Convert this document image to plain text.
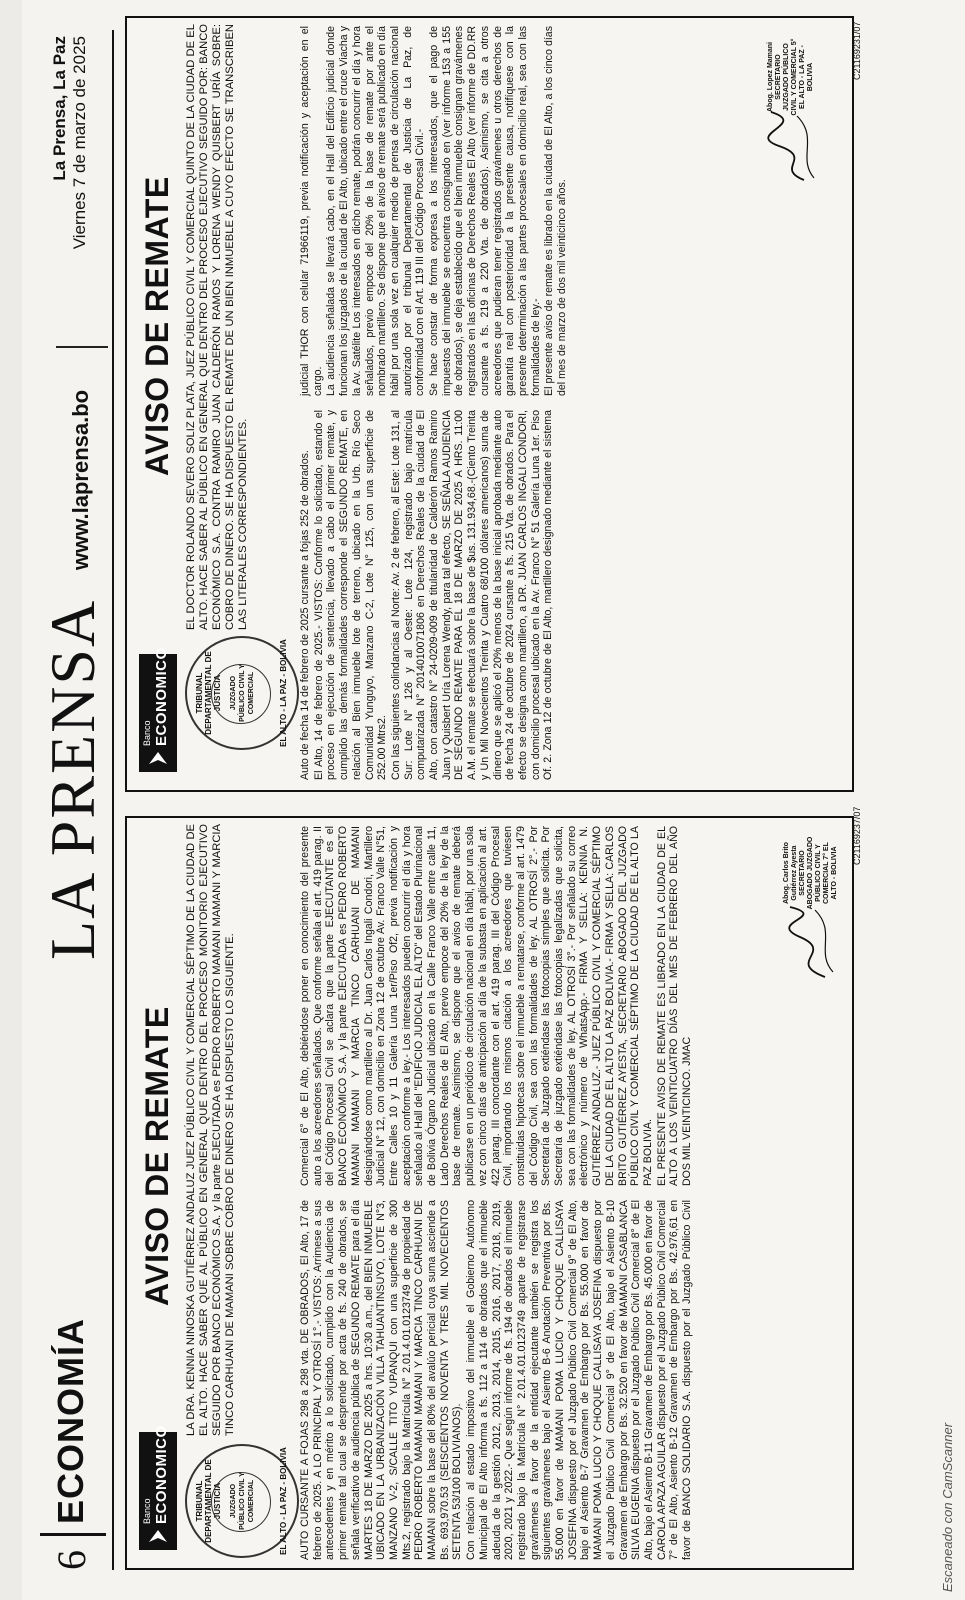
6
ECONOMÍA
LA PRENSA
www.laprensa.bo
La Prensa, La Paz Viernes 7 de marzo de 2025
Banco ECONOMICO
AVISO DE REMATE
TRIBUNAL DEPARTAMENTAL DE JUSTICIA JUZGADO PÚBLICO CIVIL Y COMERCIAL	EL ALTO - LA PAZ - BOLIVIA
LA DRA. KENNIA NINOSKA GUTIÉRREZ ANDALUZ JUEZ PÚBLICO CIVIL Y COMERCIAL SÉPTIMO DE LA CIUDAD DE EL ALTO. HACE SABER QUE AL PÚBLICO EN GENERAL QUE DENTRO DEL PROCESO MONITORIO EJECUTIVO SEGUIDO POR BANCO ECONÓMICO S.A. y la parte EJECUTADA es PEDRO ROBERTO MAMANI MAMANI Y MARCIA TINCO CARHUANI DE MAMANI SOBRE COBRO DE DINERO SE HA DISPUESTO LO SIGUIENTE.	AUTO CURSANTE A FOJAS 298 a 298 vta. DE OBRADOS, El Alto, 17 de febrero de 2025. A LO PRINCIPAL Y OTROSÍ 1°.- VISTOS: Arrimese a sus antecedentes y en mérito a lo solicitado, cumplido con la Audiencia de primer remate tal cual se desprende por acta de fs. 240 de obrados, se señala verificativo de audiencia pública de SEGUNDO REMATE para el día MARTES 18 DE MARZO DE 2025 a hrs. 10:30 a.m., del BIEN INMUEBLE UBICADO EN LA URBANIZACIÓN VILLA TAHUANTINSUYO, LOTE N°3, MANZANO V-2, S/CALLE TITO YUPANQUI con una superficie de 300 Mts.2, registrado bajo la Matrícula N° 2.01.4.01.0123749 de propiedad de PEDRO ROBERTO MAMANI MAMANI Y MARCIA TINCO CARHUANI DE MAMANI sobre la base del 80% del avalúo pericial cuya suma asciende a Bs. 693,970.53 (SEISCIENTOS NOVENTA Y TRES MIL NOVECIENTOS SETENTA 53/100 BOLIVIANOS). Con relación al estado impositivo del inmueble el Gobierno Autónomo Municipal de El Alto informa a fs. 112 a 114 de obrados que el inmueble adeuda de la gestión 2012, 2013, 2014, 2015, 2016, 2017, 2018, 2019, 2020, 2021 y 2022.- Que según informe de fs. 194 de obrados el inmueble registrado bajo la Matrícula N° 2.01.4.01.0123749 aparte de registrarse gravámenes a favor de la entidad ejecutante también se registra los siguientes gravámenes bajo el Asiento B-6 Anotación Preventiva por Bs. 55.000 en favor de MAMANI POMA LUCIO Y CHOQUE CALLISAYA JOSEFINA dispuesto por el Juzgado Público Civil Comercial 9° de El Alto, bajo el Asiento B-7 Gravamen de Embargo por Bs. 55.000 en favor de MAMANI POMA LUCIO Y CHOQUE CALLISAYA JOSEFINA dispuesto por el Juzgado Público Civil Comercial 9° de El Alto, bajo el Asiento B-10 Gravamen de Embargo por Bs. 32.520 en favor de MAMANI CASABLANCA SILVIA EUGENIA dispuesto por el Juzgado Público Civil Comercial 8° de El Alto, bajo el Asiento B-11 Gravamen de Embargo por Bs. 45.000 en favor de CAROLA APAZA AGUILAR dispuesto por el Juzgado Público Civil Comercial 7° de El Alto, Asiento B-12 Gravamen de Embargo por Bs. 42.976,61 en favor de BANCO SOLIDARIO S.A. dispuesto por el Juzgado Público Civil Comercial 6° de El Alto, debiéndose poner en conocimiento del presente auto a los acreedores señalados. Que conforme señala el art. 419 parag. II del Código Procesal Civil se aclara que la parte EJECUTANTE es el BANCO ECONÓMICO S.A. y la parte EJECUTADA es PEDRO ROBERTO MAMANI MAMANI Y MARCIA TINCO CARHUANI DE MAMANI designándose como martillero al Dr. Juan Carlos Ingali Condori, Martillero Judicial N° 12, con domicilio en Zona 12 de octubre Av. Franco Valle N°51, Entre Calles 10 y 11 Galería Luna 1er/Piso Of2, previa notificación y aceptación conforme a ley.- Los interesados pueden concurrir el día y hora señalado al Hall del "EDIFICIO JUDICIAL EL ALTO" del Estado Plurinacional de Bolivia Órgano Judicial ubicado en la Calle Franco Valle entre calle 11, Lado Derechos Reales de El Alto, previo empoce del 20% de la ley de la base de remate. Asimismo, se dispone que el aviso de remate deberá publicarse en un periódico de circulación nacional en día hábil, por una sola vez con cinco días de anticipación al día de la subasta en aplicación al art. 422 parag. III concordante con el art. 419 parag. III del Código Procesal Civil, importando los mismos citación a los acreedores que tuviesen constituidas hipotecas sobre el inmueble a rematarse, conforme al art. 1479 del Código Civil, sea con las formalidades de ley. AL OTROSÍ 2°.- Por Secretaría de Juzgado extiéndase las fotocopias simples que solicita. Por Secretaría de juzgado extiéndase las fotocopias legalizadas que solicita, sea con las formalidades de ley. AL OTROSÍ 3°.- Por señalado su correo electrónico y número de WhatsApp.- FIRMA Y SELLA: KENNIA N. GUTIÉRREZ ANDALUZ.- JUEZ PÚBLICO CIVIL Y COMERCIAL SÉPTIMO DE LA CIUDAD DE EL ALTO LA PAZ BOLIVIA.- FIRMA Y SELLA: CARLOS BRITO GUTIÉRREZ AYESTA, SECRETARIO ABOGADO DEL JUZGADO PÚBLICO CIVIL Y COMERCIAL SÉPTIMO DE LA CIUDAD DE EL ALTO LA PAZ BOLIVIA. EL PRESENTE AVISO DE REMATE ES LIBRADO EN LA CIUDAD DE EL ALTO A LOS VEINTICUATRO DÍAS DEL MES DE FEBRERO DEL AÑO DOS MIL VEINTICINCO. JMAC

Abog. Carlos Brito Gutiérrez Ayesta SECRETARIO ABOGADO JUZGADO PÚBLICO CIVIL Y COMERCIAL 7° EL ALTO - BOLIVIA
C21169237/07
Banco ECONOMICO
AVISO DE REMATE
TRIBUNAL DEPARTAMENTAL DE JUSTICIA JUZGADO PÚBLICO CIVIL Y COMERCIAL	EL ALTO - LA PAZ - BOLIVIA
EL DOCTOR ROLANDO SEVERO SOLIZ PLATA, JUEZ PÚBLICO CIVIL Y COMERCIAL QUINTO DE LA CIUDAD DE EL ALTO. HACE SABER AL PÚBLICO EN GENERAL QUE DENTRO DEL PROCESO EJECUTIVO SEGUIDO POR: BANCO ECONÓMICO S.A. CONTRA RAMIRO JUAN CALDERÓN RAMOS Y LORENA WENDY QUISBERT URÍA SOBRE: COBRO DE DINERO. SE HA DISPUESTO EL REMATE DE UN BIEN INMUEBLE A CUYO EFECTO SE TRANSCRIBEN LAS LITERALES CORRESPONDIENTES.	Auto de fecha 14 de febrero de 2025 cursante a fojas 252 de obrados. El Alto, 14 de febrero de 2025.- VISTOS: Conforme lo solicitado, estando el proceso en ejecución de sentencia, llevado a cabo el primer remate, y cumplido las demás formalidades corresponde el SEGUNDO REMATE, en relación al Bien inmueble lote de terreno, ubicado en la Urb. Río Seco Comunidad Yunguyo, Manzano C-2, Lote N° 125, con una superficie de 252.00 Mtrs2. Con las siguientes colindancias al Norte: Av. 2 de febrero, al Este: Lote 131, al Sur: Lote N° 126 y al Oeste: Lote 124, registrado bajo matrícula computarizada N° 2014010071806 en Derechos Reales de la ciudad de El Alto, con catastro N° 24-0209-009 de titularidad de Calderón Ramos Ramiro Juan y Quisbert Uría Lorena Wendy, para tal efecto, SE SEÑALA AUDIENCIA DE SEGUNDO REMATE PARA EL 18 DE MARZO DE 2025 A HRS. 11:00 A.M. el remate se efectuará sobre la base de $us. 131.934,68.-(Ciento Treinta y Un Mil Novecientos Treinta y Cuatro 68/100 dólares americanos) suma de dinero que se aplicó el 20% menos de la base inicial aprobada mediante auto de fecha 24 de octubre de 2024 cursante a fs. 215 Vta. de obrados. Para el efecto se designa como martillero, a DR. JUAN CARLOS INGALI CONDORI, con domicilio procesal ubicado en la Av. Franco N° 51 Galería Luna 1er. Piso Of. 2. Zona 12 de octubre de El Alto, martillero designado mediante el sistema judicial THOR con celular 71966119, previa notificación y aceptación en el cargo. La audiencia señalada se llevará cabo, en el Hall del Edificio judicial donde funcionan los juzgados de la ciudad de El Alto, ubicado entre el cruce Viacha y la Av. Satélite Los interesados en dicho remate, podrán concurrir el día y hora señalados, previo empoce del 20% de la base de remate por ante el nombrado martillero. Se dispone que el aviso de remate será publicado en día hábil por una sola vez en cualquier medio de prensa de circulación nacional autorizado por el tribunal Departamental de Justicia de La Paz, de conformidad con el Art. 119 III del Código Procesal Civil.- Se hace constar de forma expresa a los interesados, que el pago de impuestos del inmueble se encuentra consignado en (ver informe 153 a 155 de obrados), se deja establecido que el bien inmueble consignan gravámenes registrados en las oficinas de Derechos Reales El Alto (ver informe de DD.RR cursante a fs. 219 a 220 Vta. de obrados). Asimismo, se cita a otros acreedores que pudieran tener registrados gravámenes u otros derechos de garantía real con posterioridad a la presente causa, notifíquese con la presente determinación a las partes procesales en domicilio real, sea con las formalidades de ley.- El presente aviso de remate es librado en la ciudad de El Alto, a los cinco días del mes de marzo de dos mil veinticinco años.

Abog. Lopez Mamani SECRETARIO JUZGADO PÚBLICO CIVIL Y COMERCIAL 5° EL ALTO - LA PAZ - BOLIVIA	C21169231/07
Escaneado con CamScanner
